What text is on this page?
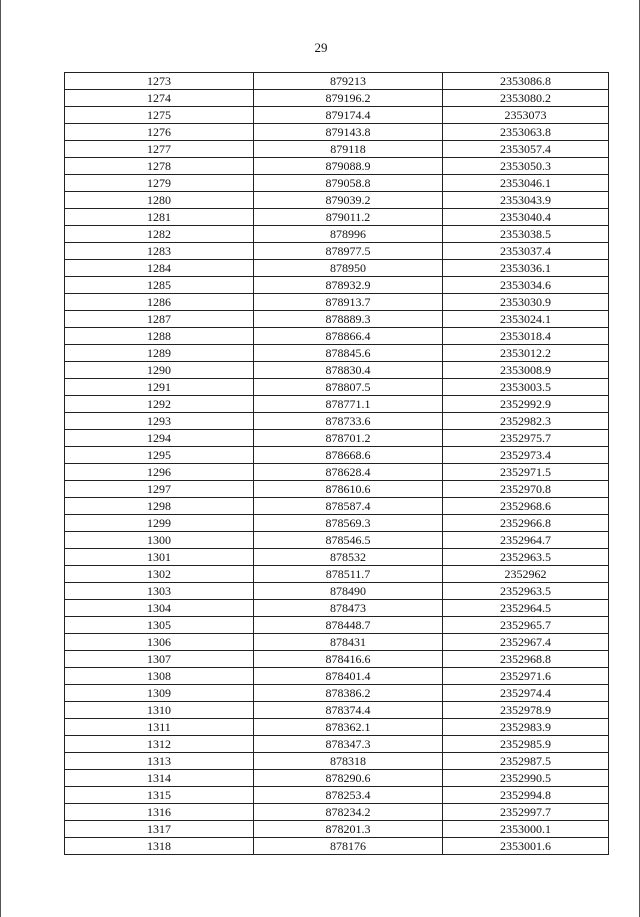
29
1273	879213	2353086.8
1274	879196.2	2353080.2
1275	879174.4	2353073
1276	879143.8	2353063.8
1277	879118	2353057.4
1278	879088.9	2353050.3
1279	879058.8	2353046.1
1280	879039.2	2353043.9
1281	879011.2	2353040.4
1282	878996	2353038.5
1283	878977.5	2353037.4
1284	878950	2353036.1
1285	878932.9	2353034.6
1286	878913.7	2353030.9
1287	878889.3	2353024.1
1288	878866.4	2353018.4
1289	878845.6	2353012.2
1290	878830.4	2353008.9
1291	878807.5	2353003.5
1292	878771.1	2352992.9
1293	878733.6	2352982.3
1294	878701.2	2352975.7
1295	878668.6	2352973.4
1296	878628.4	2352971.5
1297	878610.6	2352970.8
1298	878587.4	2352968.6
1299	878569.3	2352966.8
1300	878546.5	2352964.7
1301	878532	2352963.5
1302	878511.7	2352962
1303	878490	2352963.5
1304	878473	2352964.5
1305	878448.7	2352965.7
1306	878431	2352967.4
1307	878416.6	2352968.8
1308	878401.4	2352971.6
1309	878386.2	2352974.4
1310	878374.4	2352978.9
1311	878362.1	2352983.9
1312	878347.3	2352985.9
1313	878318	2352987.5
1314	878290.6	2352990.5
1315	878253.4	2352994.8
1316	878234.2	2352997.7
1317	878201.3	2353000.1
1318	878176	2353001.6
